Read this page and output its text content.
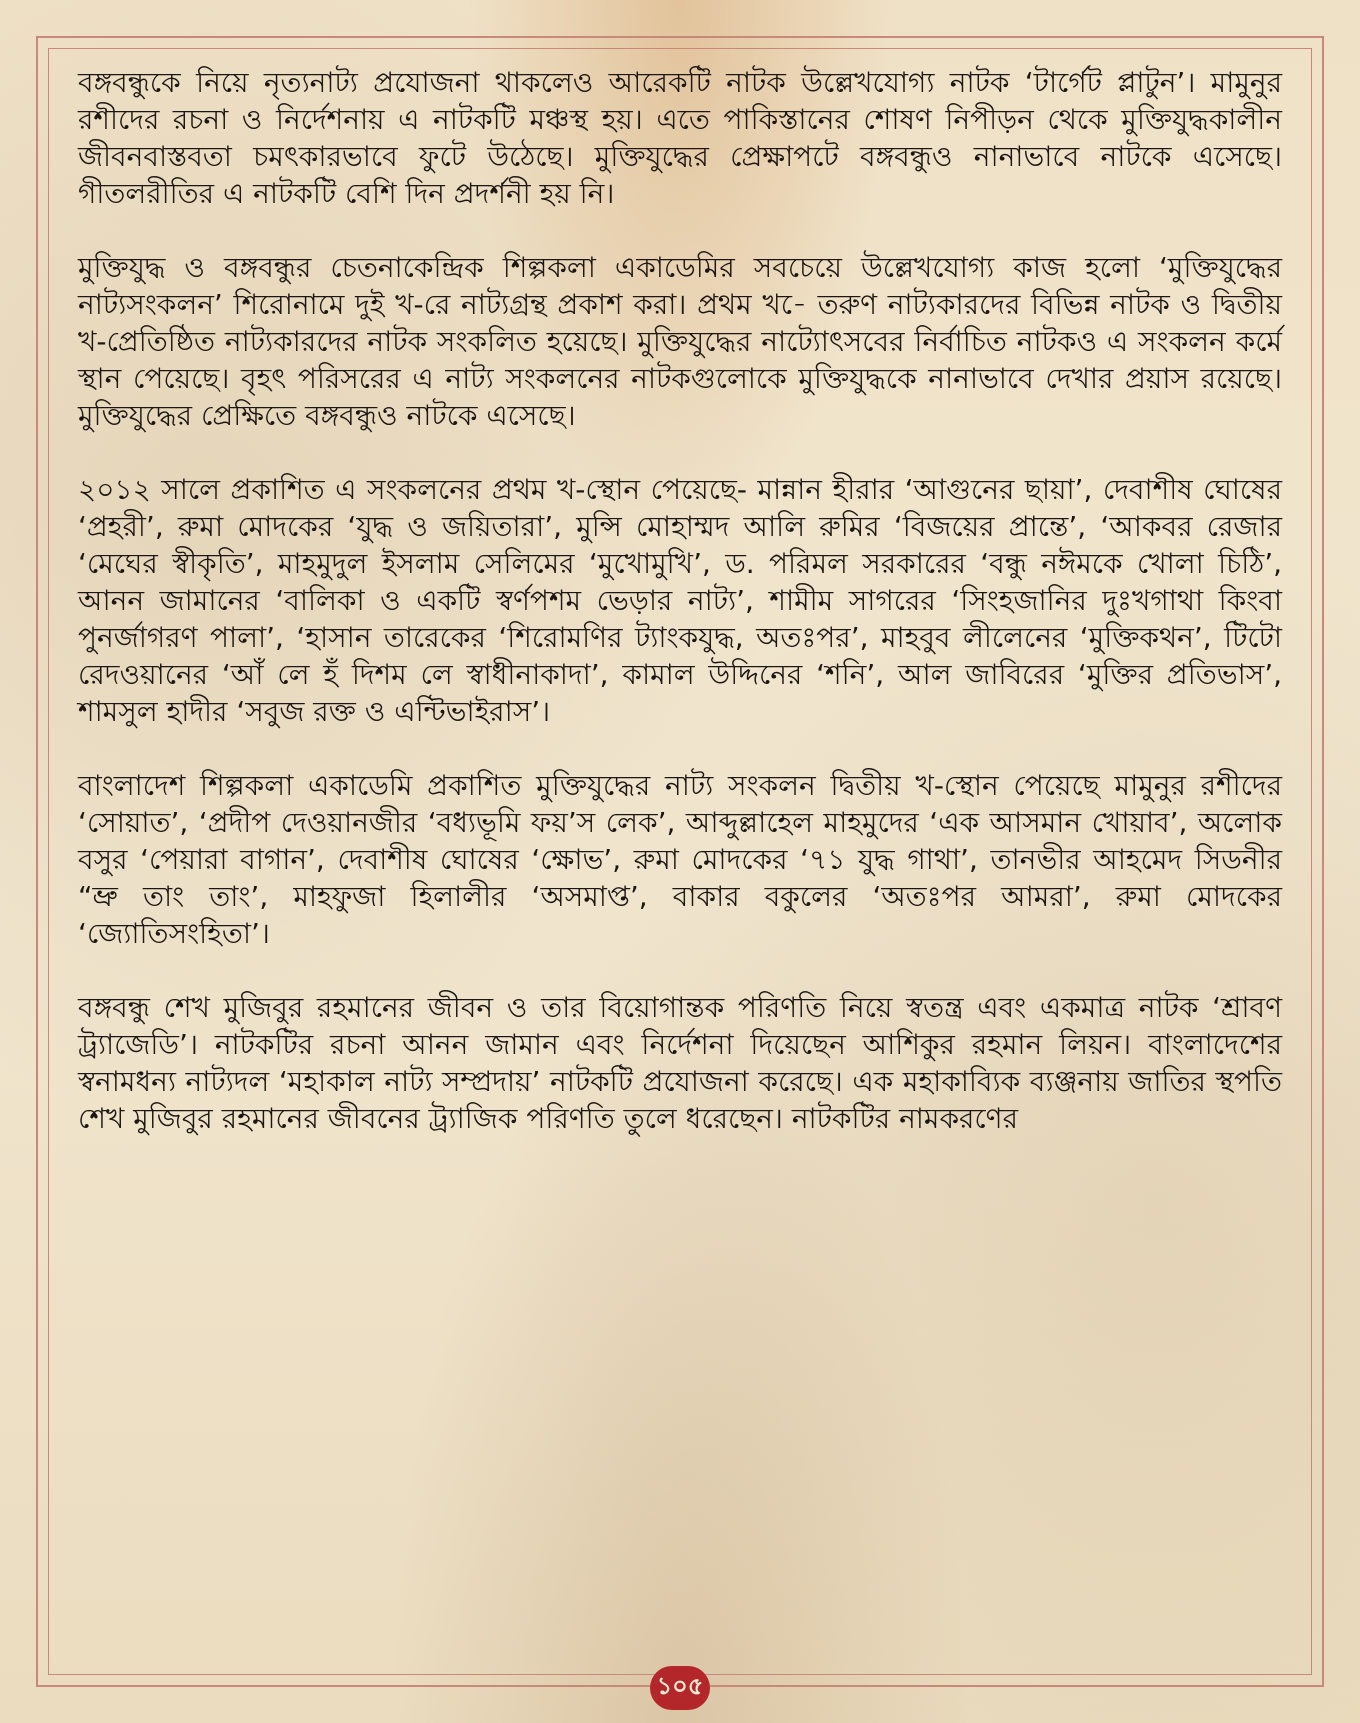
বঙ্গবন্ধুকে নিয়ে নৃত্যনাট্য প্রযোজনা থাকলেও আরেকটি নাটক উল্লেখযোগ্য নাটক ‘টার্গেট প্লাটুন’। মামুনুর রশীদের রচনা ও নির্দেশনায় এ নাটকটি মঞ্চস্থ হয়। এতে পাকিস্তানের শোষণ নিপীড়ন থেকে মুক্তিযুদ্ধকালীন জীবনবাস্তবতা চমৎকারভাবে ফুটে উঠেছে। মুক্তিযুদ্ধের প্রেক্ষাপটে বঙ্গবন্ধুও নানাভাবে নাটকে এসেছে। গীতলরীতির এ নাটকটি বেশি দিন প্রদর্শনী হয় নি।

মুক্তিযুদ্ধ ও বঙ্গবন্ধুর চেতনাকেন্দ্রিক শিল্পকলা একাডেমির সবচেয়ে উল্লেখযোগ্য কাজ হলো ‘মুক্তিযুদ্ধের নাট্যসংকলন’ শিরোনামে দুই খ-রে নাট্যগ্রন্থ প্রকাশ করা। প্রথম খ-ে তরুণ নাট্যকারদের বিভিন্ন নাটক ও দ্বিতীয় খ-প্রেতিষ্ঠিত নাট্যকারদের নাটক সংকলিত হয়েছে। মুক্তিযুদ্ধের নাট্যোৎসবের নির্বাচিত নাটকও এ সংকলন কর্মে স্থান পেয়েছে। বৃহৎ পরিসরের এ নাট্য সংকলনের নাটকগুলোকে মুক্তিযুদ্ধকে নানাভাবে দেখার প্রয়াস রয়েছে। মুক্তিযুদ্ধের প্রেক্ষিতে বঙ্গবন্ধুও নাটকে এসেছে।

২০১২ সালে প্রকাশিত এ সংকলনের প্রথম খ-স্থোন পেয়েছে- মান্নান হীরার ‘আগুনের ছায়া’, দেবাশীষ ঘোষের ‘প্রহরী’, রুমা মোদকের ‘যুদ্ধ ও জয়িতারা’, মুন্সি মোহাম্মদ আলি রুমির ‘বিজয়ের প্রান্তে’, ‘আকবর রেজার ‘মেঘের স্বীকৃতি’, মাহমুদুল ইসলাম সেলিমের ‘মুখোমুখি’, ড. পরিমল সরকারের ‘বন্ধু নঈমকে খোলা চিঠি’, আনন জামানের ‘বালিকা ও একটি স্বর্ণপশম ভেড়ার নাট্য’, শামীম সাগরের ‘সিংহজানির দুঃখগাথা কিংবা পুনর্জাগরণ পালা’, ‘হাসান তারেকের ‘শিরোমণির ট্যাংকযুদ্ধ, অতঃপর’, মাহবুব লীলেনের ‘মুক্তিকথন’, টিটো রেদওয়ানের ‘আঁ লে হঁ দিশম লে স্বাধীনাকাদা’, কামাল উদ্দিনের ‘শনি’, আল জাবিরের ‘মুক্তির প্রতিভাস’, শামসুল হাদীর ‘সবুজ রক্ত ও এন্টিভাইরাস’।

বাংলাদেশ শিল্পকলা একাডেমি প্রকাশিত মুক্তিযুদ্ধের নাট্য সংকলন দ্বিতীয় খ-স্থোন পেয়েছে মামুনুর রশীদের ‘সোয়াত’, ‘প্রদীপ দেওয়ানজীর ‘বধ্যভূমি ফয়’স লেক’, আব্দুল্লাহেল মাহমুদের ‘এক আসমান খোয়াব’, অলোক বসুর ‘পেয়ারা বাগান’, দেবাশীষ ঘোষের ‘ক্ষোভ’, রুমা মোদকের ‘৭১ যুদ্ধ গাথা’, তানভীর আহমেদ সিডনীর “ভ্রু তাং তাং’, মাহফুজা হিলালীর ‘অসমাপ্ত’, বাকার বকুলের ‘অতঃপর আমরা’, রুমা মোদকের ‘জ্যোতিসংহিতা’।

বঙ্গবন্ধু শেখ মুজিবুর রহমানের জীবন ও তার বিয়োগান্তক পরিণতি নিয়ে স্বতন্ত্র এবং একমাত্র নাটক ‘শ্রাবণ ট্র্যাজেডি’। নাটকটির রচনা আনন জামান এবং নির্দেশনা দিয়েছেন আশিকুর রহমান লিয়ন। বাংলাদেশের স্বনামধন্য নাট্যদল ‘মহাকাল নাট্য সম্প্রদায়’ নাটকটি প্রযোজনা করেছে। এক মহাকাব্যিক ব্যঞ্জনায় জাতির স্থপতি শেখ মুজিবুর রহমানের জীবনের ট্র্যাজিক পরিণতি তুলে ধরেছেন। নাটকটির নামকরণের

১০৫
